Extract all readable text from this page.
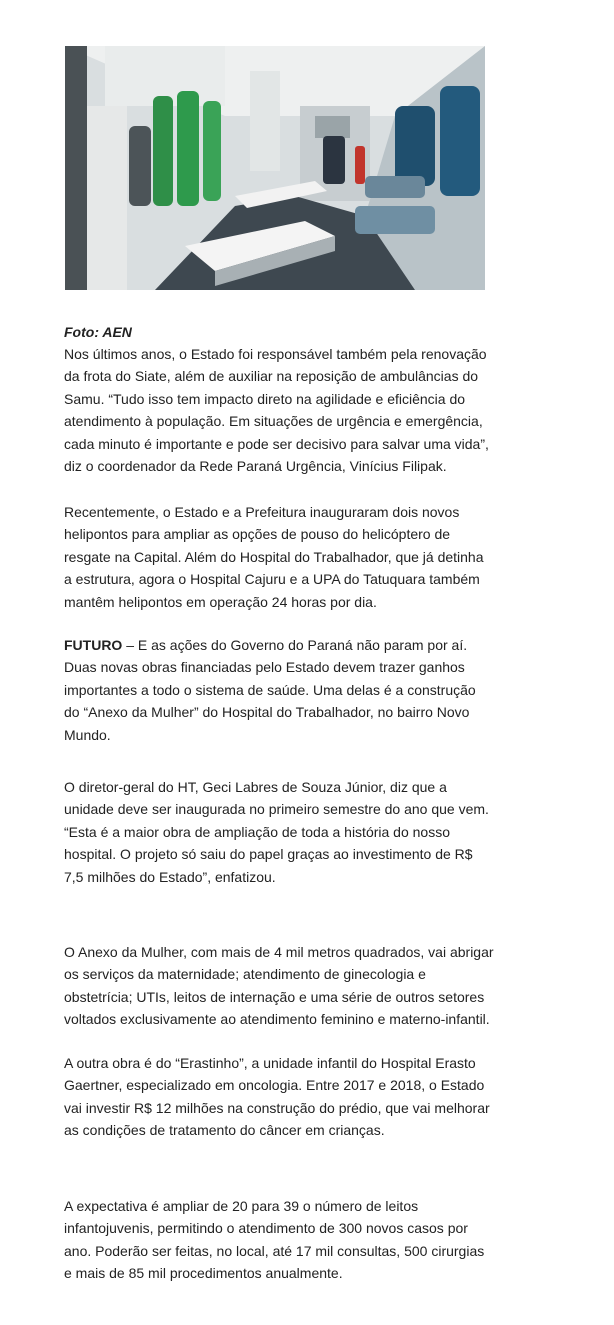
Foto: AEN

Nos últimos anos, o Estado foi responsável também pela renovação da frota do Siate, além de auxiliar na reposição de ambulâncias do Samu. “Tudo isso tem impacto direto na agilidade e eficiência do atendimento à população. Em situações de urgência e emergência, cada minuto é importante e pode ser decisivo para salvar uma vida”, diz o coordenador da Rede Paraná Urgência, Vinícius Filipak.

Recentemente, o Estado e a Prefeitura inauguraram dois novos helipontos para ampliar as opções de pouso do helicóptero de resgate na Capital. Além do Hospital do Trabalhador, que já detinha a estrutura, agora o Hospital Cajuru e a UPA do Tatuquara também mantêm helipontos em operação 24 horas por dia.

FUTURO – E as ações do Governo do Paraná não param por aí. Duas novas obras financiadas pelo Estado devem trazer ganhos importantes a todo o sistema de saúde. Uma delas é a construção do “Anexo da Mulher” do Hospital do Trabalhador, no bairro Novo Mundo.

O diretor-geral do HT, Geci Labres de Souza Júnior, diz que a unidade deve ser inaugurada no primeiro semestre do ano que vem. “Esta é a maior obra de ampliação de toda a história do nosso hospital. O projeto só saiu do papel graças ao investimento de R$ 7,5 milhões do Estado”, enfatizou.

O Anexo da Mulher, com mais de 4 mil metros quadrados, vai abrigar os serviços da maternidade; atendimento de ginecologia e obstetrícia; UTIs, leitos de internação e uma série de outros setores voltados exclusivamente ao atendimento feminino e materno-infantil.

A outra obra é do “Erastinho”, a unidade infantil do Hospital Erasto Gaertner, especializado em oncologia. Entre 2017 e 2018, o Estado vai investir R$ 12 milhões na construção do prédio, que vai melhorar as condições de tratamento do câncer em crianças.

A expectativa é ampliar de 20 para 39 o número de leitos infantojuvenis, permitindo o atendimento de 300 novos casos por ano. Poderão ser feitas, no local, até 17 mil consultas, 500 cirurgias e mais de 85 mil procedimentos anualmente.
